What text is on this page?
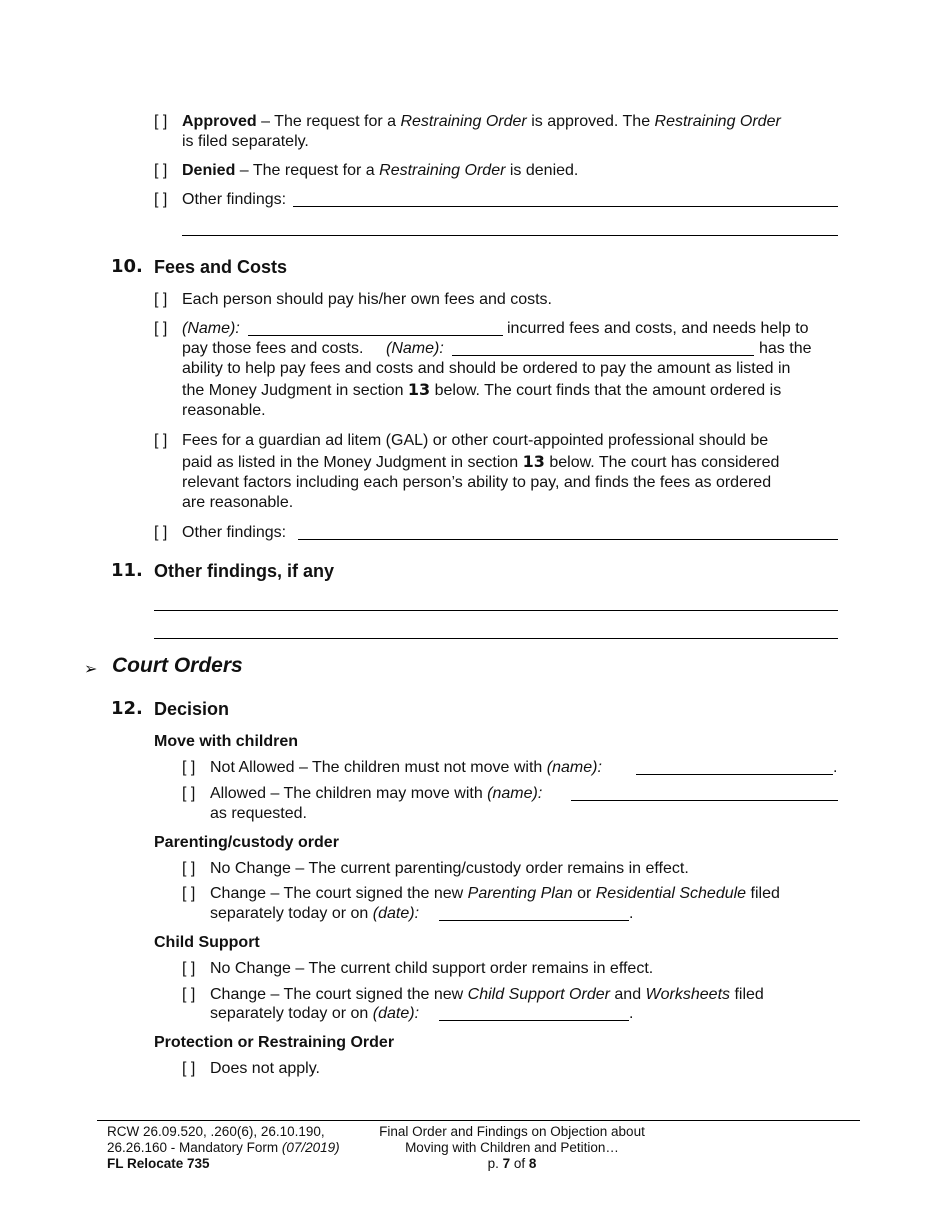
[ ] Approved – The request for a Restraining Order is approved. The Restraining Order
is filed separately.
[ ] Denied – The request for a Restraining Order is denied.
[ ] Other findings:
10. Fees and Costs
[ ] Each person should pay his/her own fees and costs.
[ ] (Name):	incurred fees and costs, and needs help to
pay those fees and costs. (Name):	has the
ability to help pay fees and costs and should be ordered to pay the amount as listed in
the Money Judgment in section 13 below. The court finds that the amount ordered is
reasonable.
[ ] Fees for a guardian ad litem (GAL) or other court-appointed professional should be
paid as listed in the Money Judgment in section 13 below. The court has considered
relevant factors including each person’s ability to pay, and finds the fees as ordered
are reasonable.
[ ] Other findings:
11. Other findings, if any
➢ Court Orders
12. Decision
Move with children
[ ] Not Allowed – The children must not move with (name):	.
[ ] Allowed – The children may move with (name):
as requested.
Parenting/custody order
[ ] No Change – The current parenting/custody order remains in effect.
[ ] Change – The court signed the new Parenting Plan or Residential Schedule filed
separately today or on (date):	.
Child Support
[ ] No Change – The current child support order remains in effect.
[ ] Change – The court signed the new Child Support Order and Worksheets filed
separately today or on (date):	.
Protection or Restraining Order
[ ] Does not apply.
RCW 26.09.520, .260(6), 26.10.190,
26.26.160 - Mandatory Form (07/2019)
FL Relocate 735
Final Order and Findings on Objection about
Moving with Children and Petition…
p. 7 of 8
